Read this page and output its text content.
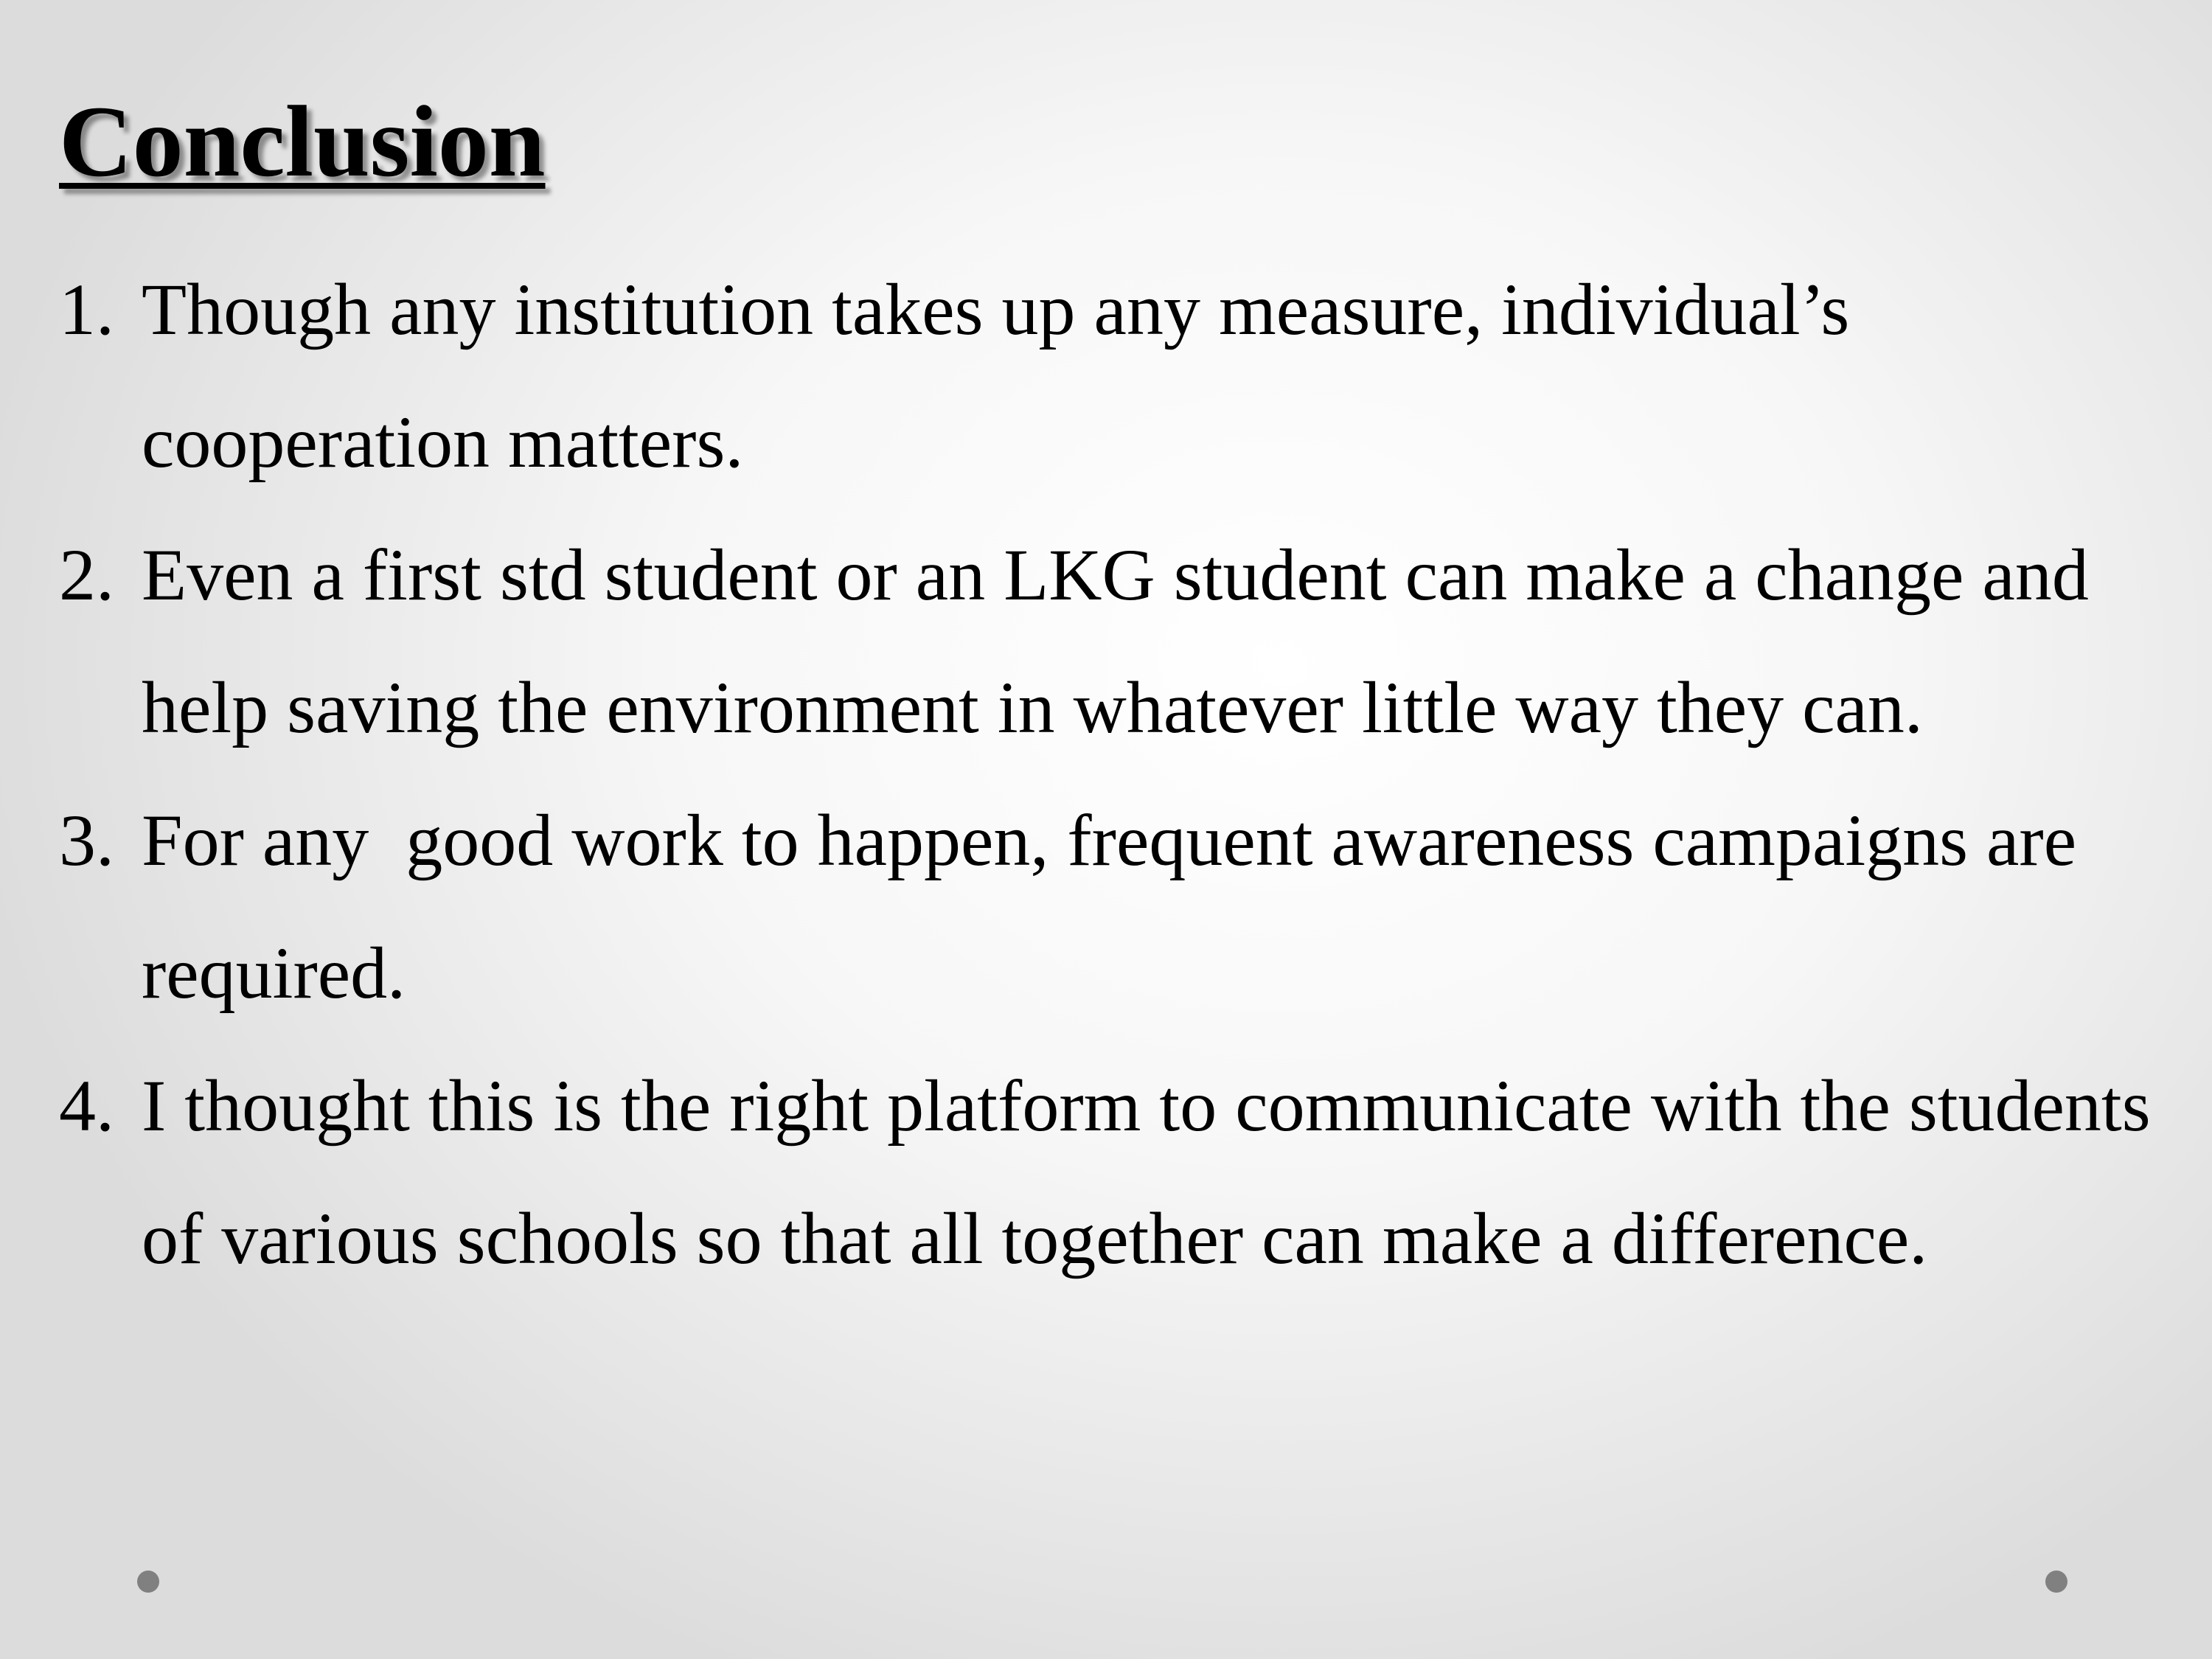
Conclusion
1. Though any institution takes up any measure, individual’s cooperation matters.
2. Even a first std student or an LKG student can make a change and help saving the environment in whatever little way they can.
3. For any  good work to happen, frequent awareness campaigns are required.
4. I thought this is the right platform to communicate with the students of various schools so that all together can make a difference.
